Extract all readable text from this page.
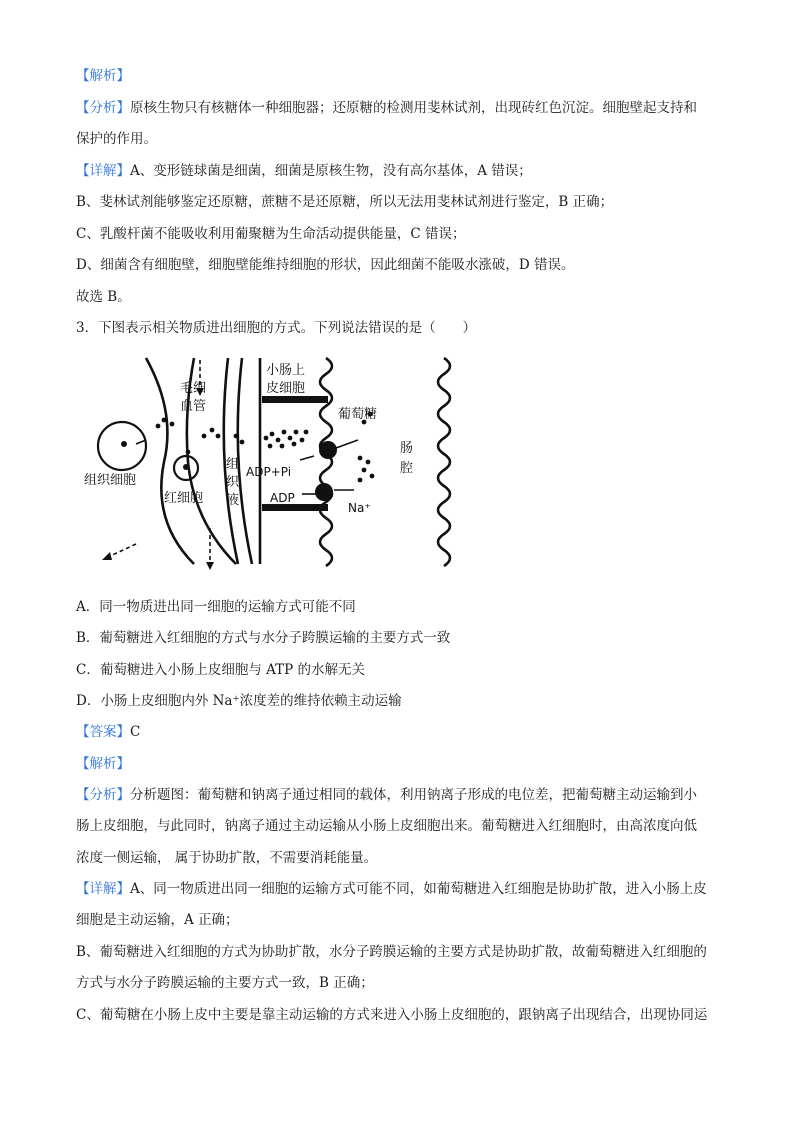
【解析】
【分析】原核生物只有核糖体一种细胞器；还原糖的检测用斐林试剂，出现砖红色沉淀。细胞壁起支持和
保护的作用。
【详解】A、变形链球菌是细菌，细菌是原核生物，没有高尔基体，A 错误；
B、斐林试剂能够鉴定还原糖，蔗糖不是还原糖，所以无法用斐林试剂进行鉴定，B 正确；
C、乳酸杆菌不能吸收利用葡聚糖为生命活动提供能量，C 错误；
D、细菌含有细胞壁，细胞壁能维持细胞的形状，因此细菌不能吸水涨破，D 错误。
故选 B。
3．下图表示相关物质进出细胞的方式。下列说法错误的是（　　）
毛细
血管
小肠上
皮细胞
葡萄糖
肠
腔
组织细胞
红细胞
组
织
液
ADP+Pi
ADP
Na⁺
A．同一物质进出同一细胞的运输方式可能不同
B．葡萄糖进入红细胞的方式与水分子跨膜运输的主要方式一致
C．葡萄糖进入小肠上皮细胞与 ATP 的水解无关
D．小肠上皮细胞内外 Na⁺浓度差的维持依赖主动运输
【答案】C
【解析】
【分析】分析题图：葡萄糖和钠离子通过相同的载体，利用钠离子形成的电位差，把葡萄糖主动运输到小
肠上皮细胞，与此同时，钠离子通过主动运输从小肠上皮细胞出来。葡萄糖进入红细胞时，由高浓度向低
浓度一侧运输， 属于协助扩散，不需要消耗能量。
【详解】A、同一物质进出同一细胞的运输方式可能不同，如葡萄糖进入红细胞是协助扩散，进入小肠上皮
细胞是主动运输，A 正确；
B、葡萄糖进入红细胞的方式为协助扩散，水分子跨膜运输的主要方式是协助扩散，故葡萄糖进入红细胞的
方式与水分子跨膜运输的主要方式一致，B 正确；
C、葡萄糖在小肠上皮中主要是靠主动运输的方式来进入小肠上皮细胞的，跟钠离子出现结合，出现协同运
